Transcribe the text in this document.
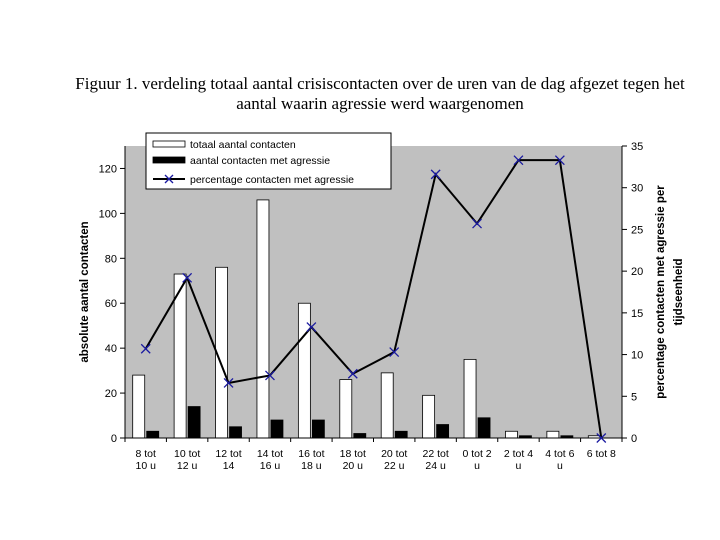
Figuur 1. verdeling totaal aantal crisiscontacten over de uren van de dag afgezet tegen het aantal waarin agressie werd waargenomen
0
20
40
60
80
100
120
0
5
10
15
20
25
30
35
8 tot
10 u
10 tot
12 u
12 tot
14
14 tot
16 u
16 tot
18 u
18 tot
20 u
20 tot
22 u
22 tot
24 u
0 tot 2
u
2 tot 4
u
4 tot 6
u
6 tot 8
absolute aantal contacten	percentage contacten met agressie per tijdseenheid
totaal aantal contacten
aantal contacten met agressie
percentage contacten met agressie
